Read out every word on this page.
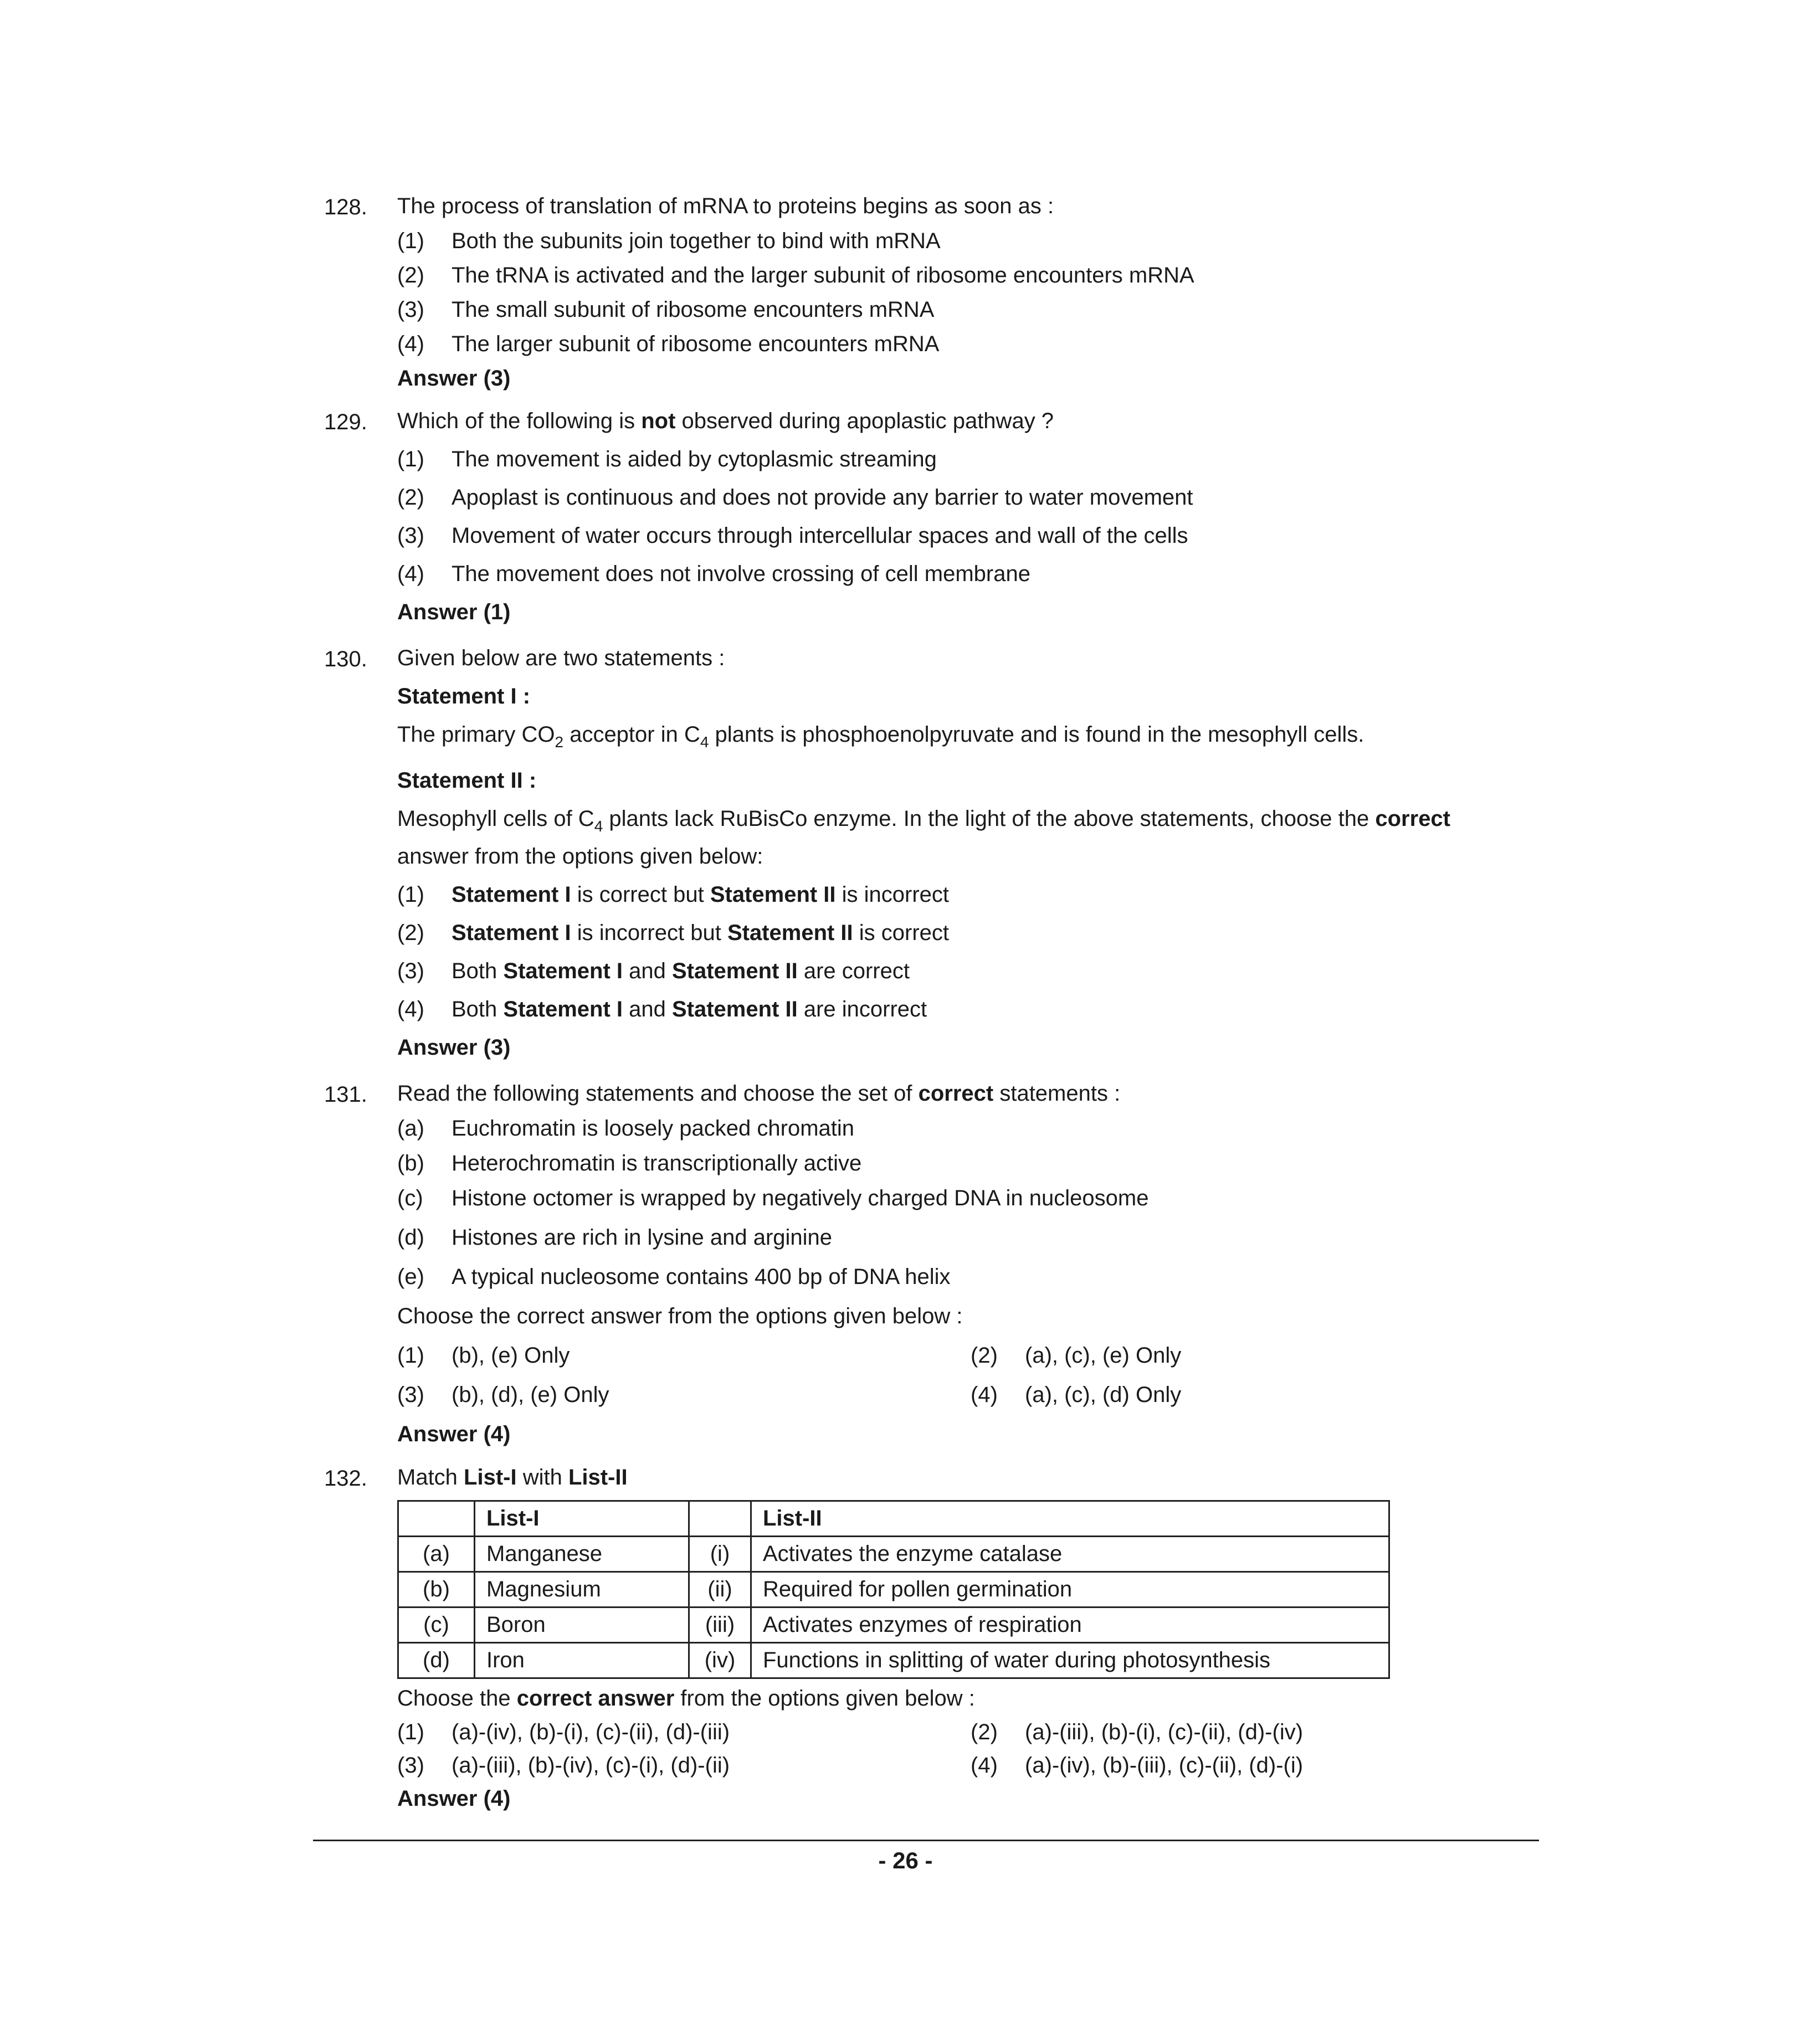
128. The process of translation of mRNA to proteins begins as soon as :
(1) Both the subunits join together to bind with mRNA
(2) The tRNA is activated and the larger subunit of ribosome encounters mRNA
(3) The small subunit of ribosome encounters mRNA
(4) The larger subunit of ribosome encounters mRNA
Answer (3)
129. Which of the following is not observed during apoplastic pathway ?
(1) The movement is aided by cytoplasmic streaming
(2) Apoplast is continuous and does not provide any barrier to water movement
(3) Movement of water occurs through intercellular spaces and wall of the cells
(4) The movement does not involve crossing of cell membrane
Answer (1)
130. Given below are two statements :
Statement I :
The primary $CO_2$ acceptor in $C_4$ plants is phosphoenolpyruvate and is found in the mesophyll cells.
Statement II :
Mesophyll cells of $C_4$ plants lack RuBisCo enzyme. In the light of the above statements, choose the correct
answer from the options given below:
(1) Statement I is correct but Statement II is incorrect
(2) Statement I is incorrect but Statement II is correct
(3) Both Statement I and Statement II are correct
(4) Both Statement I and Statement II are incorrect
Answer (3)
131. Read the following statements and choose the set of correct statements :
(a) Euchromatin is loosely packed chromatin
(b) Heterochromatin is transcriptionally active
(c) Histone octomer is wrapped by negatively charged DNA in nucleosome
(d) Histones are rich in lysine and arginine
(e) A typical nucleosome contains 400 bp of DNA helix
Choose the correct answer from the options given below :
(1) (b), (e) Only	(2) (a), (c), (e) Only
(3) (b), (d), (e) Only	(4) (a), (c), (d) Only
Answer (4)
132. Match List-I with List-II
	List-I		List-II
(a)	Manganese	(i)	Activates the enzyme catalase
(b)	Magnesium	(ii)	Required for pollen germination
(c)	Boron	(iii)	Activates enzymes of respiration
(d)	Iron	(iv)	Functions in splitting of water during photosynthesis
Choose the correct answer from the options given below :
(1) (a)-(iv), (b)-(i), (c)-(ii), (d)-(iii)	(2) (a)-(iii), (b)-(i), (c)-(ii), (d)-(iv)
(3) (a)-(iii), (b)-(iv), (c)-(i), (d)-(ii)	(4) (a)-(iv), (b)-(iii), (c)-(ii), (d)-(i)
Answer (4)
- 26 -
